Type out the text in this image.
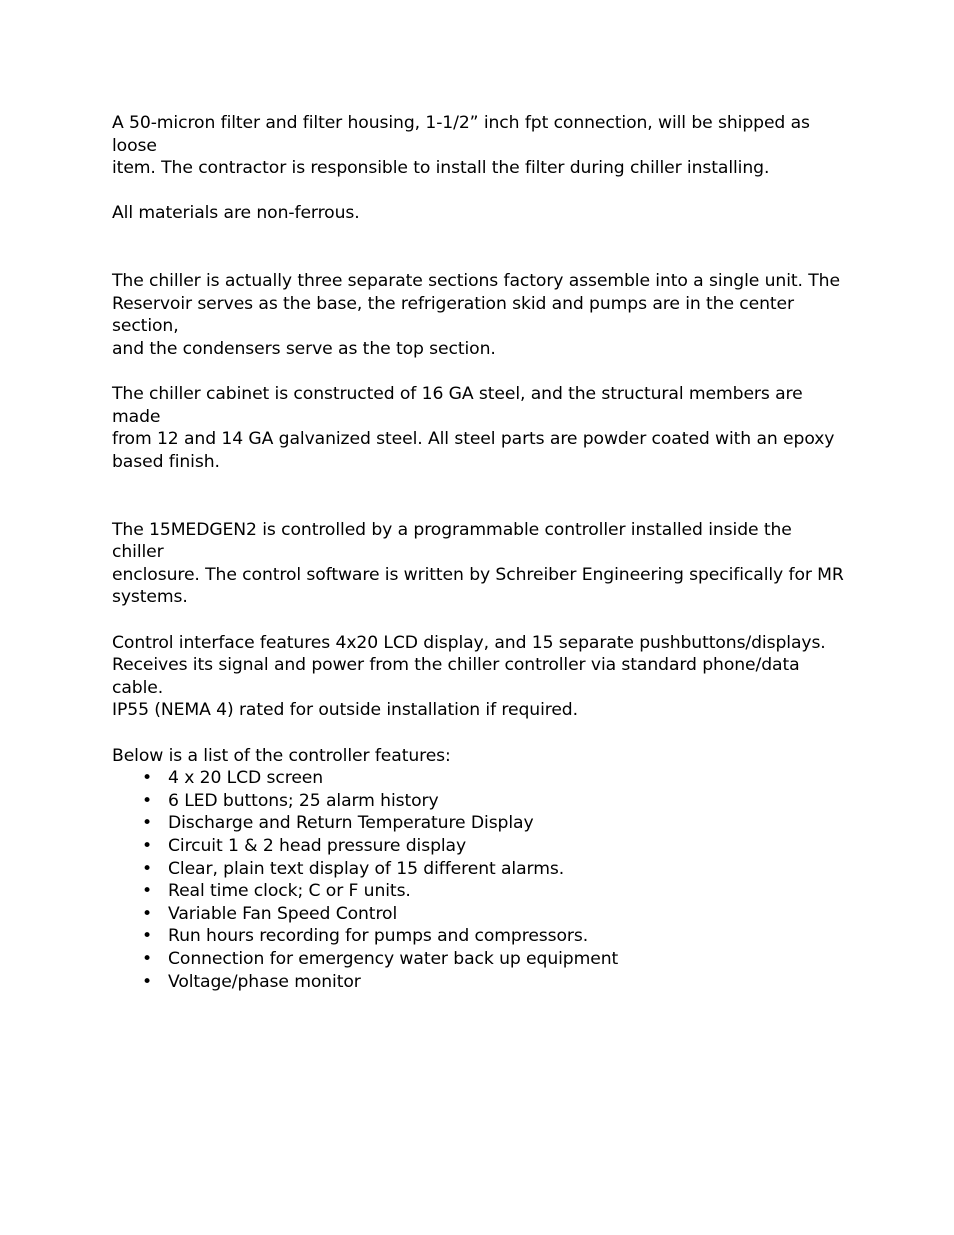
A 50-micron filter and filter housing, 1-1/2” inch fpt connection, will be shipped as loose
item. The contractor is responsible to install the filter during chiller installing.

All materials are non-ferrous.

The chiller is actually three separate sections factory assemble into a single unit. The
Reservoir serves as the base, the refrigeration skid and pumps are in the center section,
and the condensers serve as the top section.

The chiller cabinet is constructed of 16 GA steel, and the structural members are made
from 12 and 14 GA galvanized steel. All steel parts are powder coated with an epoxy
based finish.

The 15MEDGEN2 is controlled by a programmable controller installed inside the chiller
enclosure. The control software is written by Schreiber Engineering specifically for MR
systems.

Control interface features 4x20 LCD display, and 15 separate pushbuttons/displays.
Receives its signal and power from the chiller controller via standard phone/data cable.
IP55 (NEMA 4) rated for outside installation if required.

Below is a list of the controller features:

• 4 x 20 LCD screen
• 6 LED buttons; 25 alarm history
• Discharge and Return Temperature Display
• Circuit 1 & 2 head pressure display
• Clear, plain text display of 15 different alarms.
• Real time clock; C or F units.
• Variable Fan Speed Control
• Run hours recording for pumps and compressors.
• Connection for emergency water back up equipment
• Voltage/phase monitor
